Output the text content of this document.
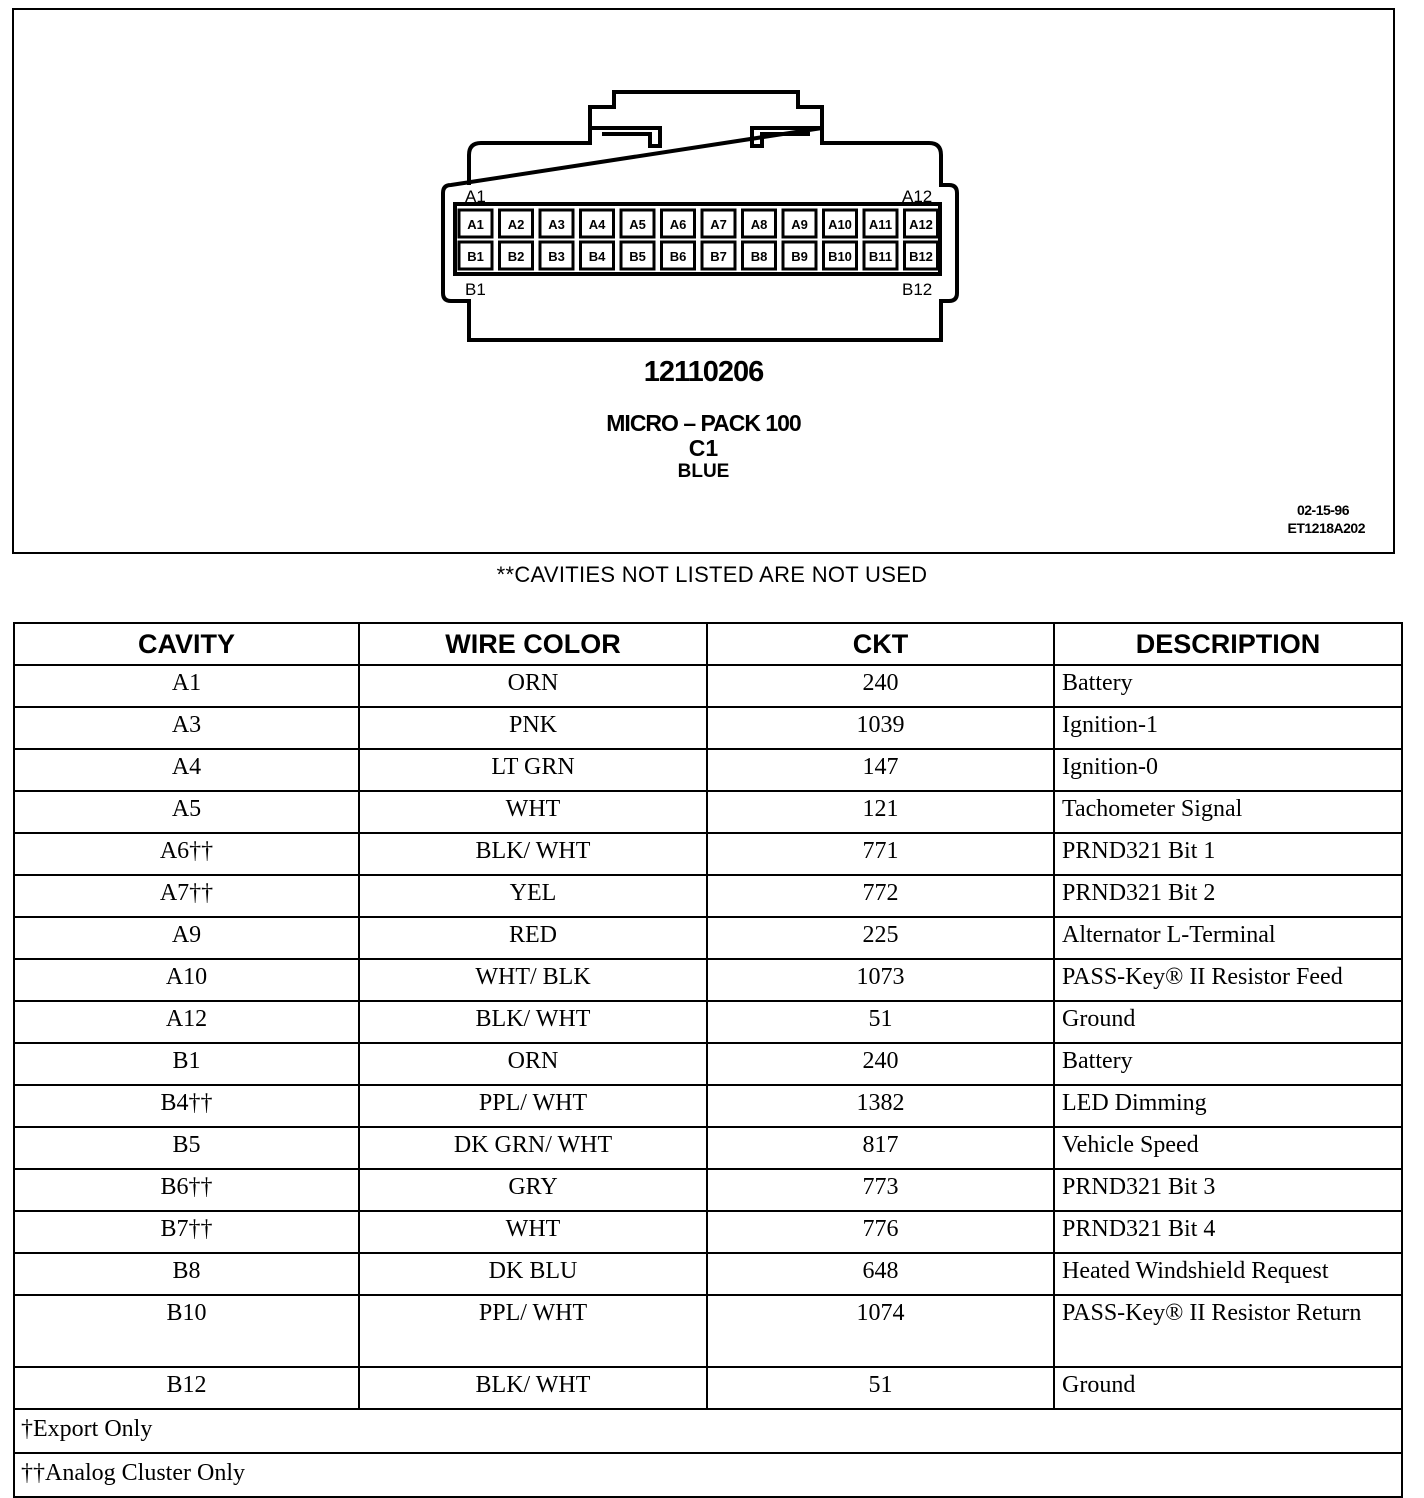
A1 A2 A3 A4 A5 A6 A7 A8 A9 A10 A11 A12
B1 B2 B3 B4 B5 B6 B7 B8 B9 B10 B11 B12
A1	A12
B1	B12
12110206
MICRO – PACK 100
C1
BLUE
02-15-96
ET1218A202
**CAVITIES NOT LISTED ARE NOT USED
CAVITY	WIRE COLOR	CKT	DESCRIPTION
A1	ORN	240	Battery
A3	PNK	1039	Ignition-1
A4	LT GRN	147	Ignition-0
A5	WHT	121	Tachometer Signal
A6††	BLK/ WHT	771	PRND321 Bit 1
A7††	YEL	772	PRND321 Bit 2
A9	RED	225	Alternator L-Terminal
A10	WHT/ BLK	1073	PASS-Key® II Resistor Feed
A12	BLK/ WHT	51	Ground
B1	ORN	240	Battery
B4††	PPL/ WHT	1382	LED Dimming
B5	DK GRN/ WHT	817	Vehicle Speed
B6††	GRY	773	PRND321 Bit 3
B7††	WHT	776	PRND321 Bit 4
B8	DK BLU	648	Heated Windshield Request
B10	PPL/ WHT	1074	PASS-Key® II Resistor Return
B12	BLK/ WHT	51	Ground
†Export Only			
††Analog Cluster Only			
